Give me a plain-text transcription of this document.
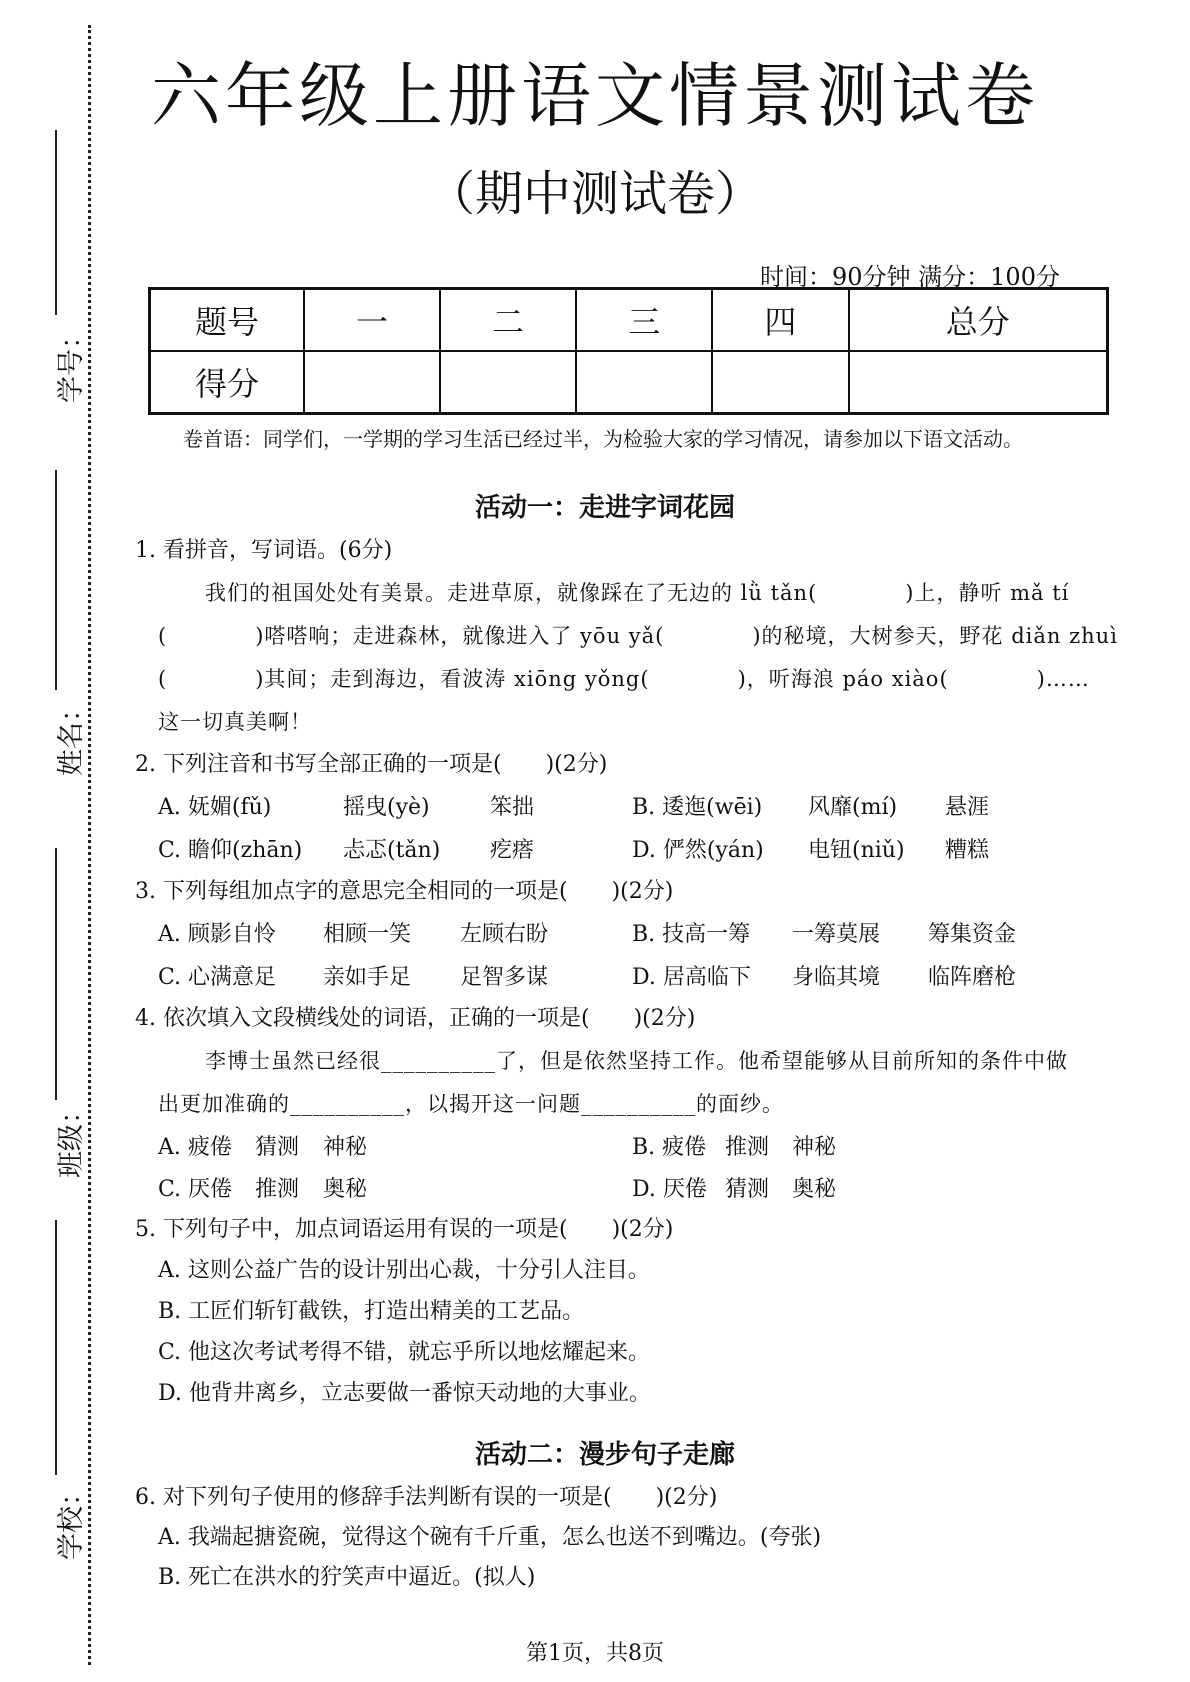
学号：
姓名：
班级：
学校：
六年级上册语文情景测试卷
（期中测试卷）
时间：90分钟 满分：100分
题号	一	二	三	四	总分
得分					
卷首语：同学们，一学期的学习生活已经过半，为检验大家的学习情况，请参加以下语文活动。
活动一：走进字词花园
1. 看拼音，写词语。(6分)
我们的祖国处处有美景。走进草原，就像踩在了无边的 lǜ tǎn(　　　　)上，静听 mǎ tí
(　　　　)嗒嗒响；走进森林，就像进入了 yōu yǎ(　　　　)的秘境，大树参天，野花 diǎn zhuì
(　　　　)其间；走到海边，看波涛 xiōng yǒng(　　　　)，听海浪 páo xiào(　　　　)……
这一切真美啊！
2. 下列注音和书写全部正确的一项是(　　)(2分)
A. 妩媚(fǔ)	摇曳(yè)	笨拙	B. 逶迤(wēi) 风靡(mí) 悬涯
C. 瞻仰(zhān) 忐忑(tǎn) 疙瘩	D. 俨然(yán) 电钮(niǔ) 糟糕
3. 下列每组加点字的意思完全相同的一项是(　　)(2分)
A. 顾影自怜 相顾一笑 左顾右盼	B. 技高一筹 一筹莫展 筹集资金
C. 心满意足 亲如手足 足智多谋	D. 居高临下 身临其境 临阵磨枪
4. 依次填入文段横线处的词语，正确的一项是(　　)(2分)
李博士虽然已经很__________了，但是依然坚持工作。他希望能够从目前所知的条件中做
出更加准确的__________，以揭开这一问题__________的面纱。
A. 疲倦 猜测 神秘	B. 疲倦 推测 神秘
C. 厌倦 推测 奥秘	D. 厌倦 猜测 奥秘
5. 下列句子中，加点词语运用有误的一项是(　　)(2分)
A. 这则公益广告的设计别出心裁，十分引人注目。
B. 工匠们斩钉截铁，打造出精美的工艺品。
C. 他这次考试考得不错，就忘乎所以地炫耀起来。
D. 他背井离乡，立志要做一番惊天动地的大事业。
活动二：漫步句子走廊
6. 对下列句子使用的修辞手法判断有误的一项是(　　)(2分)
A. 我端起搪瓷碗，觉得这个碗有千斤重，怎么也送不到嘴边。(夸张)
B. 死亡在洪水的狞笑声中逼近。(拟人)
第1页，共8页
